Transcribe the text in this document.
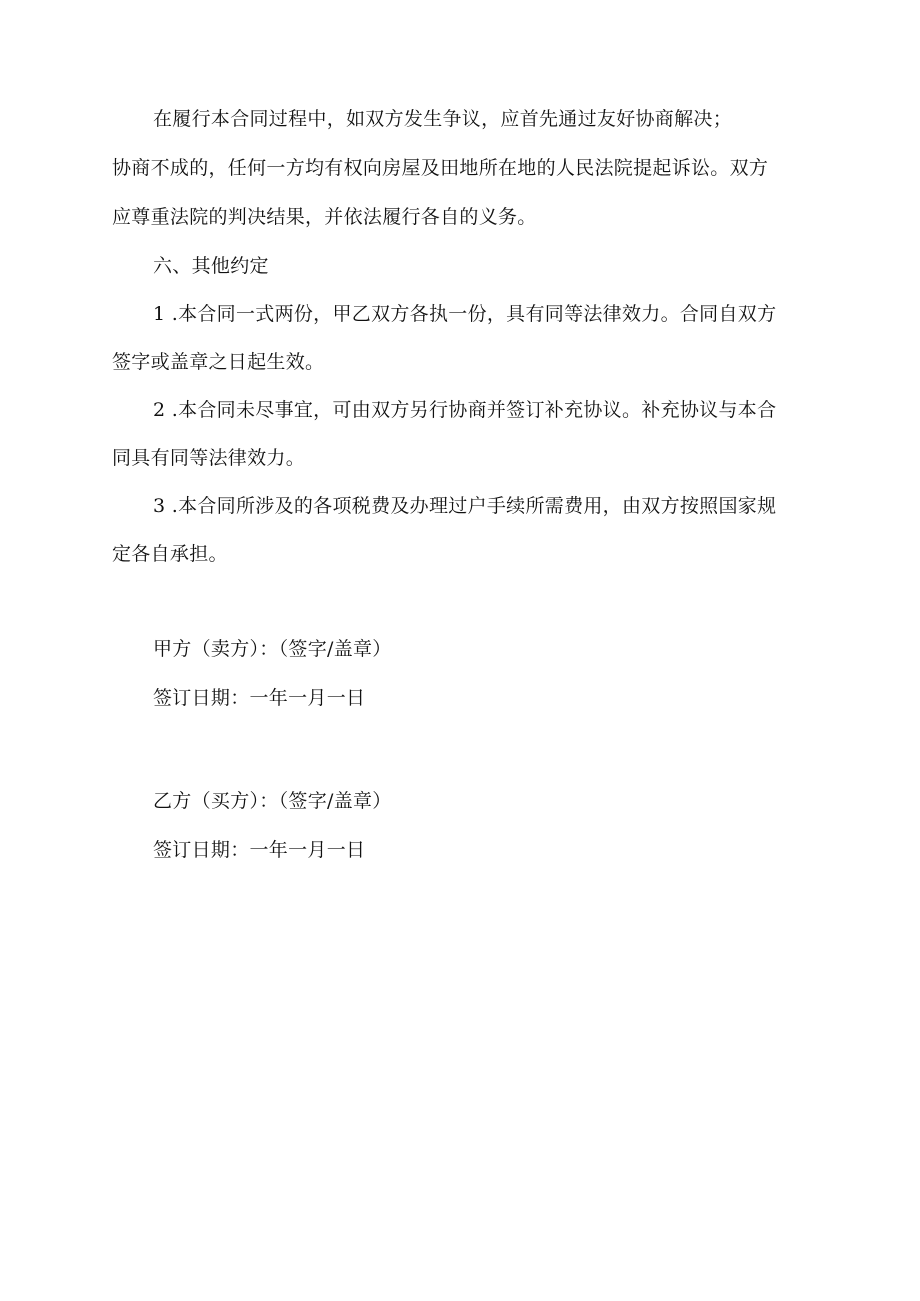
在履行本合同过程中，如双方发生争议，应首先通过友好协商解决；
协商不成的，任何一方均有权向房屋及田地所在地的人民法院提起诉讼。双方
应尊重法院的判决结果，并依法履行各自的义务。
六、其他约定
1 .本合同一式两份，甲乙双方各执一份，具有同等法律效力。合同自双方
签字或盖章之日起生效。
2 .本合同未尽事宜，可由双方另行协商并签订补充协议。补充协议与本合
同具有同等法律效力。
3 .本合同所涉及的各项税费及办理过户手续所需费用，由双方按照国家规
定各自承担。
甲方（卖方）：（签字/盖章）
签订日期：一年一月一日
乙方（买方）：（签字/盖章）
签订日期：一年一月一日
